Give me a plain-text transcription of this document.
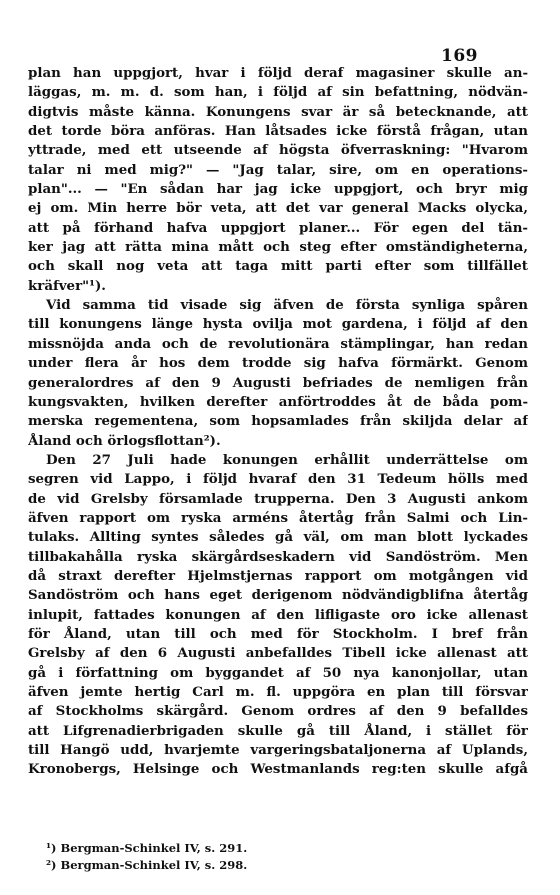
169
plan han uppgjort, hvar i följd deraf magasiner skulle an-
läggas, m. m. d. som han, i följd af sin befattning, nödvän-
digtvis måste känna. Konungens svar är så betecknande, att
det torde böra anföras. Han låtsades icke förstå frågan, utan
yttrade, med ett utseende af högsta öfverraskning: "Hvarom
talar ni med mig?" — "Jag talar, sire, om en operations-
plan"... — "En sådan har jag icke uppgjort, och bryr mig
ej om. Min herre bör veta, att det var general Macks olycka,
att på förhand hafva uppgjort planer... För egen del tän-
ker jag att rätta mina mått och steg efter omständigheterna,
och skall nog veta att taga mitt parti efter som tillfället
kräfver"¹).
Vid samma tid visade sig äfven de första synliga spåren
till konungens länge hysta ovilja mot gardena, i följd af den
missnöjda anda och de revolutionära stämplingar, han redan
under flera år hos dem trodde sig hafva förmärkt. Genom
generalordres af den 9 Augusti befriades de nemligen från
kungsvakten, hvilken derefter anförtroddes åt de båda pom-
merska regementena, som hopsamlades från skiljda delar af
Åland och örlogsflottan²).
Den 27 Juli hade konungen erhållit underrättelse om
segren vid Lappo, i följd hvaraf den 31 Tedeum hölls med
de vid Grelsby församlade trupperna. Den 3 Augusti ankom
äfven rapport om ryska arméns återtåg från Salmi och Lin-
tulaks. Allting syntes således gå väl, om man blott lyckades
tillbakahålla ryska skärgårdseskadern vid Sandöström. Men
då straxt derefter Hjelmstjernas rapport om motgången vid
Sandöström och hans eget derigenom nödvändigblifna återtåg
inlupit, fattades konungen af den lifligaste oro icke allenast
för Åland, utan till och med för Stockholm. I bref från
Grelsby af den 6 Augusti anbefalldes Tibell icke allenast att
gå i författning om byggandet af 50 nya kanonjollar, utan
äfven jemte hertig Carl m. fl. uppgöra en plan till försvar
af Stockholms skärgård. Genom ordres af den 9 befalldes
att Lifgrenadierbrigaden skulle gå till Åland, i stället för
till Hangö udd, hvarjemte vargeringsbataljonerna af Uplands,
Kronobergs, Helsinge och Westmanlands reg:ten skulle afgå
¹) Bergman-Schinkel IV, s. 291.
²) Bergman-Schinkel IV, s. 298.
